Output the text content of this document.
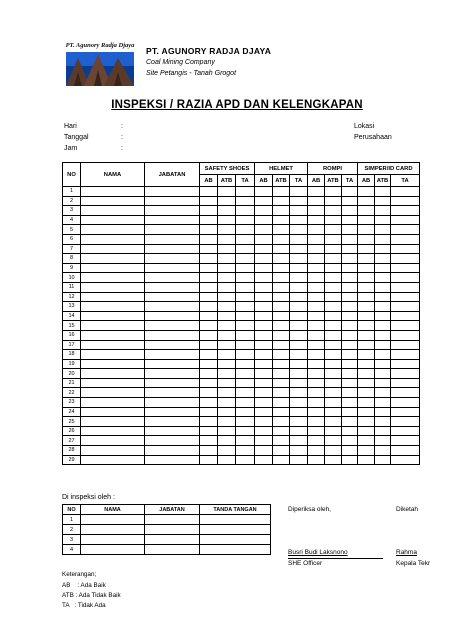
PT. Agunory Radja Djaya
PT. AGUNORY RADJA DJAYA
Coal Mining Company
Site Petangis - Tanah Grogot
INSPEKSI / RAZIA APD DAN KELENGKAPAN
Hari	:
Tanggal	:
Jam	:
Lokasi
Perusahaan
NO	NAMA	JABATAN	SAFETY SHOES			HELMET			ROMPI			SIMPER/ID CARD		
			AB	ATB	TA	AB	ATB	TA	AB	ATB	TA	AB	ATB	TA
1														
2														
3														
4														
5														
6														
7														
8														
9														
10														
11														
12														
13														
14														
15														
16														
17														
18														
19														
20														
21														
22														
23														
24														
25														
26														
27														
28														
29														
Di inspeksi oleh :
NO	NAMA	JABATAN	TANDA TANGAN
1			
2			
3			
4			
Diperiksa oleh,	Diketah
Busri Budi Laksnono
SHE Officer
Rahma
Kepala Tekr
Keterangan;
AB    : Ada Baik
ATB : Ada Tidak Baik
TA   : Tidak Ada
